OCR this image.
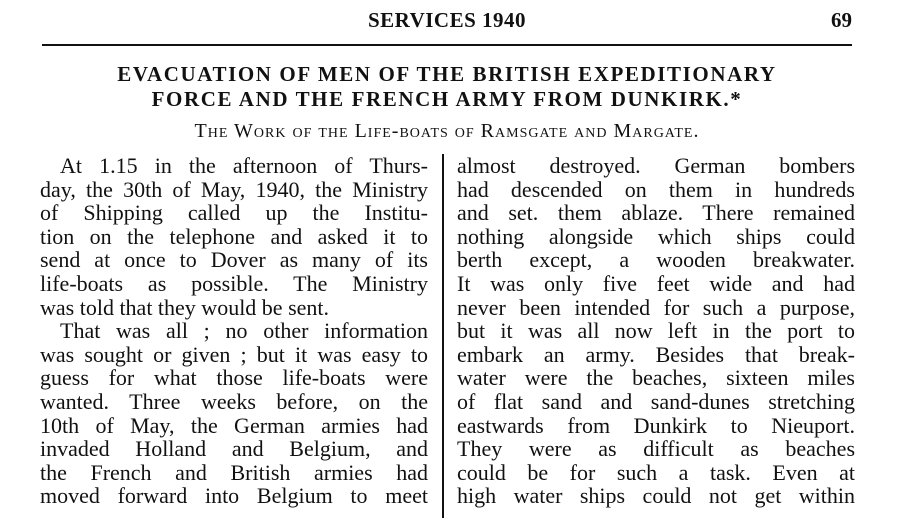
SERVICES 1940	69
EVACUATION OF MEN OF THE BRITISH EXPEDITIONARY
FORCE AND THE FRENCH ARMY FROM DUNKIRK.*
The Work of the Life-boats of Ramsgate and Margate.
At 1.15 in the afternoon of Thurs-
day, the 30th of May, 1940, the Ministry
of Shipping called up the Institu-
tion on the telephone and asked it to
send at once to Dover as many of its
life-boats as possible. The Ministry
was told that they would be sent.
That was all ; no other information
was sought or given ; but it was easy to
guess for what those life-boats were
wanted. Three weeks before, on the
10th of May, the German armies had
invaded Holland and Belgium, and
the French and British armies had
moved forward into Belgium to meet
almost destroyed. German bombers
had descended on them in hundreds
and set. them ablaze. There remained
nothing alongside which ships could
berth except, a wooden breakwater.
It was only five feet wide and had
never been intended for such a purpose,
but it was all now left in the port to
embark an army. Besides that break-
water were the beaches, sixteen miles
of flat sand and sand-dunes stretching
eastwards from Dunkirk to Nieuport.
They were as difficult as beaches
could be for such a task. Even at
high water ships could not get within
